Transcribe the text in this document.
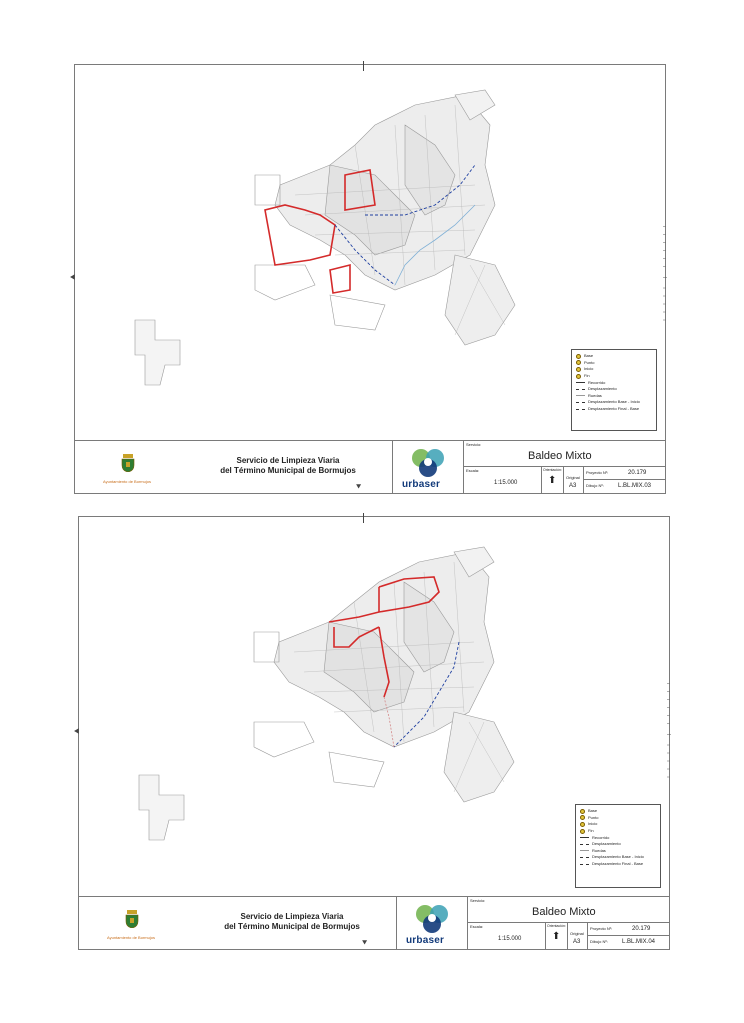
⯇
Base
Punto
Inicio
Fin
Recorrido
Desplazamiento
Ruedas
Desplazamiento Base - Inicio
Desplazamiento Final - Base
Ayuntamiento de Bormujos
Servicio de Limpieza Viaria
del Término Municipal de Bormujos
⯆	urbaser
Servicio:
Baldeo Mixto
Escala:
1:15.000
Orientación:
⬆ Original
A3
Proyecto Nº:	20.179
Dibujo Nº: L.BL.MIX.03
⯇
Base
Punto
Inicio
Fin
Recorrido
Desplazamiento
Ruedas
Desplazamiento Base - Inicio
Desplazamiento Final - Base
Ayuntamiento de Bormujos
Servicio de Limpieza Viaria
del Término Municipal de Bormujos
⯆	urbaser
Servicio:
Baldeo Mixto
Escala:
1:15.000
Orientación:
⬆ Original
A3
Proyecto Nº:	20.179
Dibujo Nº: L.BL.MIX.04
